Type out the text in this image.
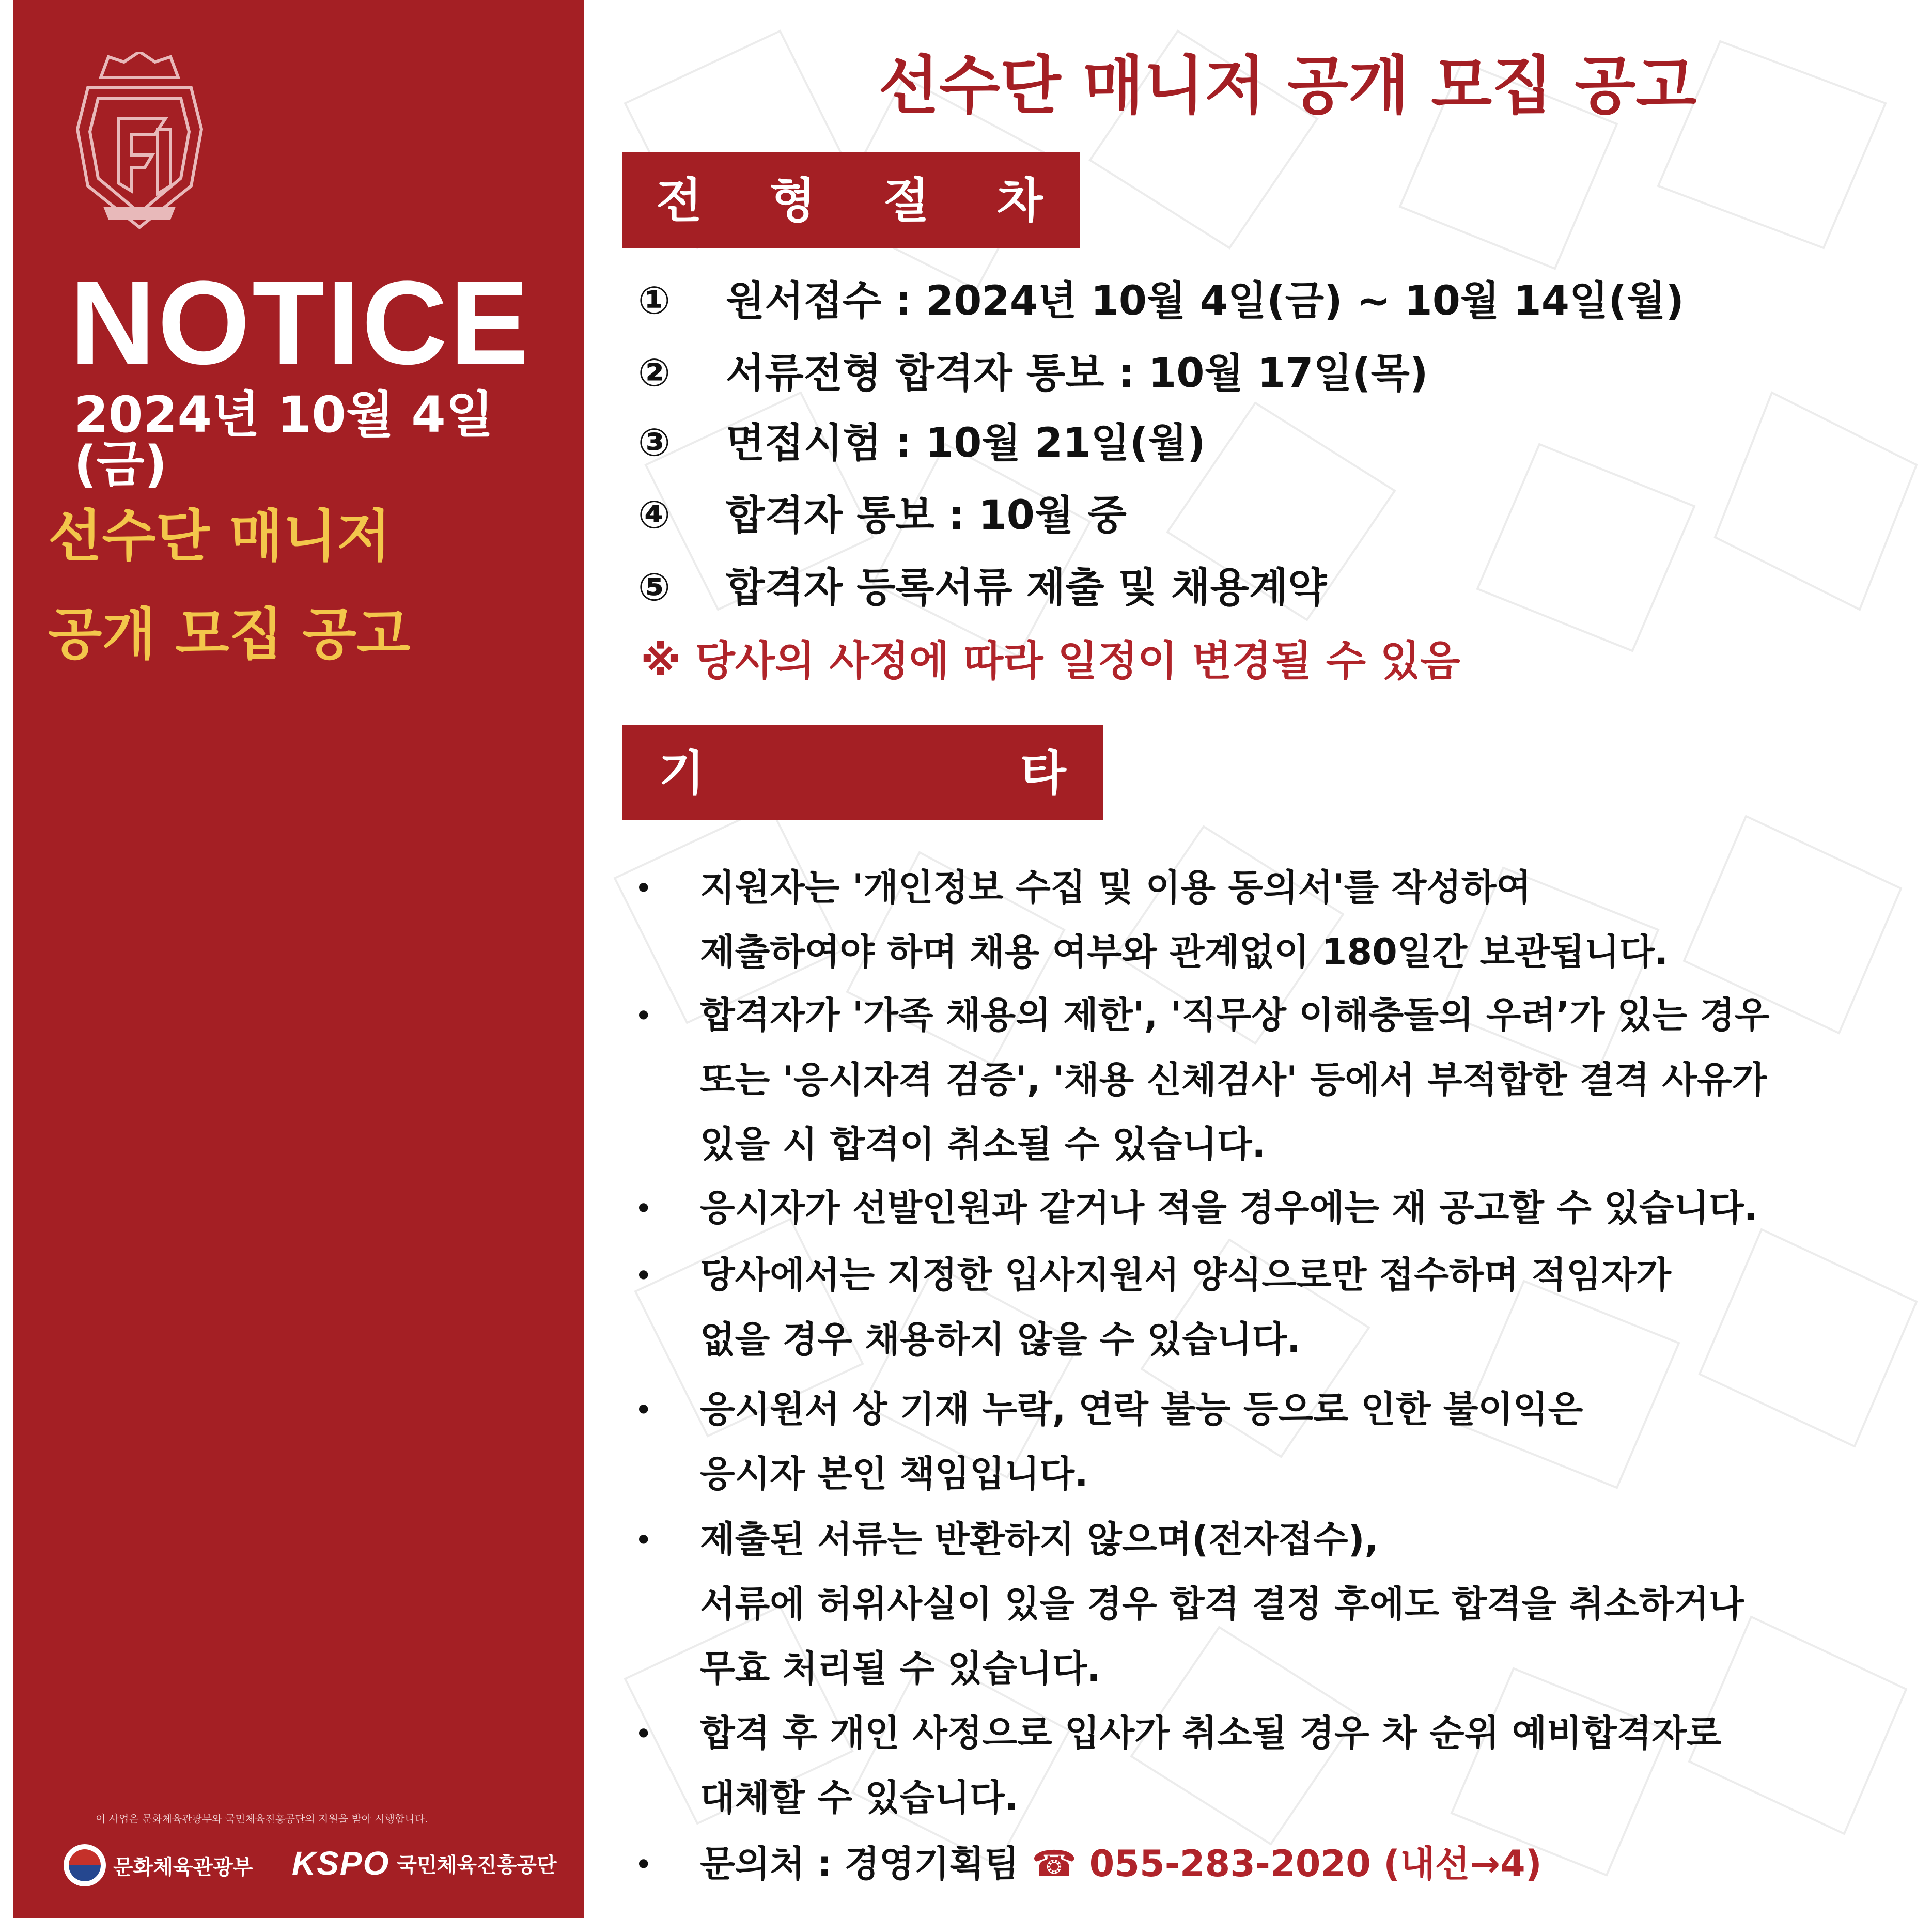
NOTICE
2024년 10월 4일(금)
선수단 매니저
공개 모집 공고
이 사업은 문화체육관광부와 국민체육진흥공단의 지원을 받아 시행합니다.
문화체육관광부 KSPO 국민체육진흥공단
선수단 매니저 공개 모집 공고
전 형 절 차
① 원서접수 : 2024년 10월 4일(금) ~ 10월 14일(월)
② 서류전형 합격자 통보 : 10월 17일(목)
③ 면접시험 : 10월 21일(월)
④ 합격자 통보 : 10월 중
⑤ 합격자 등록서류 제출 및 채용계약
※ 당사의 사정에 따라 일정이 변경될 수 있음
기	타
• 지원자는 '개인정보 수집 및 이용 동의서'를 작성하여
제출하여야 하며 채용 여부와 관계없이 180일간 보관됩니다.
• 합격자가 '가족 채용의 제한', '직무상 이해충돌의 우려’가 있는 경우
또는 '응시자격 검증', '채용 신체검사' 등에서 부적합한 결격 사유가
있을 시 합격이 취소될 수 있습니다.
• 응시자가 선발인원과 같거나 적을 경우에는 재 공고할 수 있습니다.
• 당사에서는 지정한 입사지원서 양식으로만 접수하며 적임자가
없을 경우 채용하지 않을 수 있습니다.
• 응시원서 상 기재 누락, 연락 불능 등으로 인한 불이익은
응시자 본인 책임입니다.
• 제출된 서류는 반환하지 않으며(전자접수),
서류에 허위사실이 있을 경우 합격 결정 후에도 합격을 취소하거나
무효 처리될 수 있습니다.
• 합격 후 개인 사정으로 입사가 취소될 경우 차 순위 예비합격자로
대체할 수 있습니다.
• 문의처 : 경영기획팀 ☎ 055-283-2020 (내선→4)
